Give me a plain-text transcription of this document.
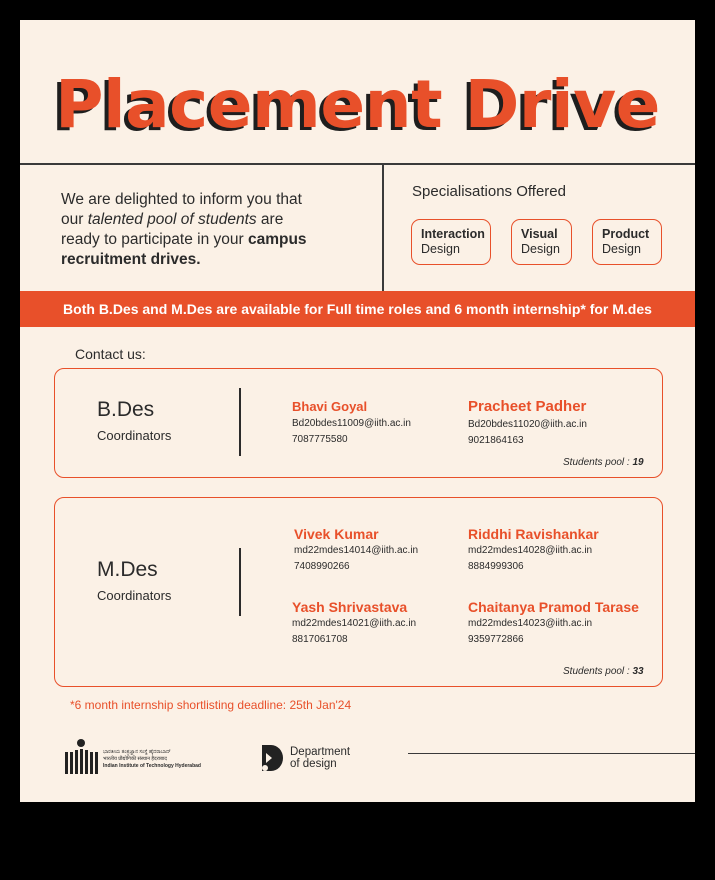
Placement Drive
We are delighted to inform you that
our talented pool of students are
ready to participate in your campus
recruitment drives.
Specialisations Offered
Interaction
Design
Visual
Design
Product
Design
Both B.Des and M.Des are available for Full time roles and 6 month internship* for M.des
Contact us:
B.Des
Coordinators
Bhavi Goyal
Bd20bdes11009@iith.ac.in
7087775580
Pracheet Padher
Bd20bdes11020@iith.ac.in
9021864163
Students pool : 19
M.Des
Coordinators
Vivek Kumar
md22mdes14014@iith.ac.in
7408990266
Riddhi Ravishankar
md22mdes14028@iith.ac.in
8884999306
Yash Shrivastava
md22mdes14021@iith.ac.in
8817061708
Chaitanya Pramod Tarase
md22mdes14023@iith.ac.in
9359772866
Students pool : 33
*6 month internship shortlisting deadline: 25th Jan'24
ಭಾರತೀಯ ತಂತ್ರಜ್ಞಾನ ಸಂಸ್ಥೆ ಹೈದರಾಬಾದ್
भारतीय प्रौद्योगिकी संस्थान हैदराबाद
Indian Institute of Technology Hyderabad
Department
of design
